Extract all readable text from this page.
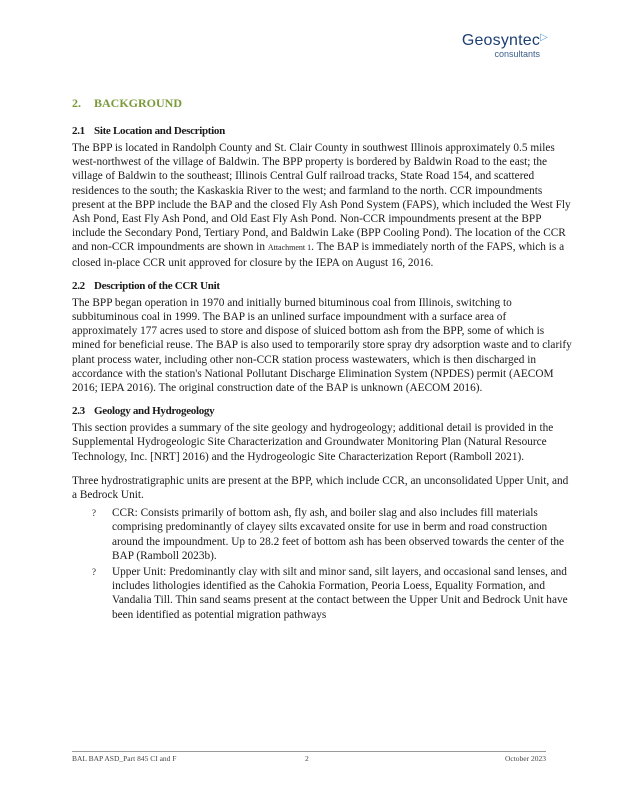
Geosyntec▷
consultants
2. BACKGROUND
2.1 Site Location and Description

The BPP is located in Randolph County and St. Clair County in southwest Illinois approximately 0.5 miles west-northwest of the village of Baldwin. The BPP property is bordered by Baldwin Road to the east; the village of Baldwin to the southeast; Illinois Central Gulf railroad tracks, State Road 154, and scattered residences to the south; the Kaskaskia River to the west; and farmland to the north. CCR impoundments present at the BPP include the BAP and the closed Fly Ash Pond System (FAPS), which included the West Fly Ash Pond, East Fly Ash Pond, and Old East Fly Ash Pond. Non-CCR impoundments present at the BPP include the Secondary Pond, Tertiary Pond, and Baldwin Lake (BPP Cooling Pond). The location of the CCR and non-CCR impoundments are shown in Attachment 1. The BAP is immediately north of the FAPS, which is a closed in-place CCR unit approved for closure by the IEPA on August 16, 2016.

2.2 Description of the CCR Unit

The BPP began operation in 1970 and initially burned bituminous coal from Illinois, switching to subbituminous coal in 1999. The BAP is an unlined surface impoundment with a surface area of approximately 177 acres used to store and dispose of sluiced bottom ash from the BPP, some of which is mined for beneficial reuse. The BAP is also used to temporarily store spray dry adsorption waste and to clarify plant process water, including other non-CCR station process wastewaters, which is then discharged in accordance with the station's National Pollutant Discharge Elimination System (NPDES) permit (AECOM 2016; IEPA 2016). The original construction date of the BAP is unknown (AECOM 2016).

2.3 Geology and Hydrogeology

This section provides a summary of the site geology and hydrogeology; additional detail is provided in the Supplemental Hydrogeologic Site Characterization and Groundwater Monitoring Plan (Natural Resource Technology, Inc. [NRT] 2016) and the Hydrogeologic Site Characterization Report (Ramboll 2021).

Three hydrostratigraphic units are present at the BPP, which include CCR, an unconsolidated Upper Unit, and a Bedrock Unit.

? CCR: Consists primarily of bottom ash, fly ash, and boiler slag and also includes fill materials comprising predominantly of clayey silts excavated onsite for use in berm and road construction around the impoundment. Up to 28.2 feet of bottom ash has been observed towards the center of the BAP (Ramboll 2023b).
? Upper Unit: Predominantly clay with silt and minor sand, silt layers, and occasional sand lenses, and includes lithologies identified as the Cahokia Formation, Peoria Loess, Equality Formation, and Vandalia Till. Thin sand seams present at the contact between the Upper Unit and Bedrock Unit have been identified as potential migration pathways
BAL BAP ASD_Part 845 CI and F	2	October 2023
